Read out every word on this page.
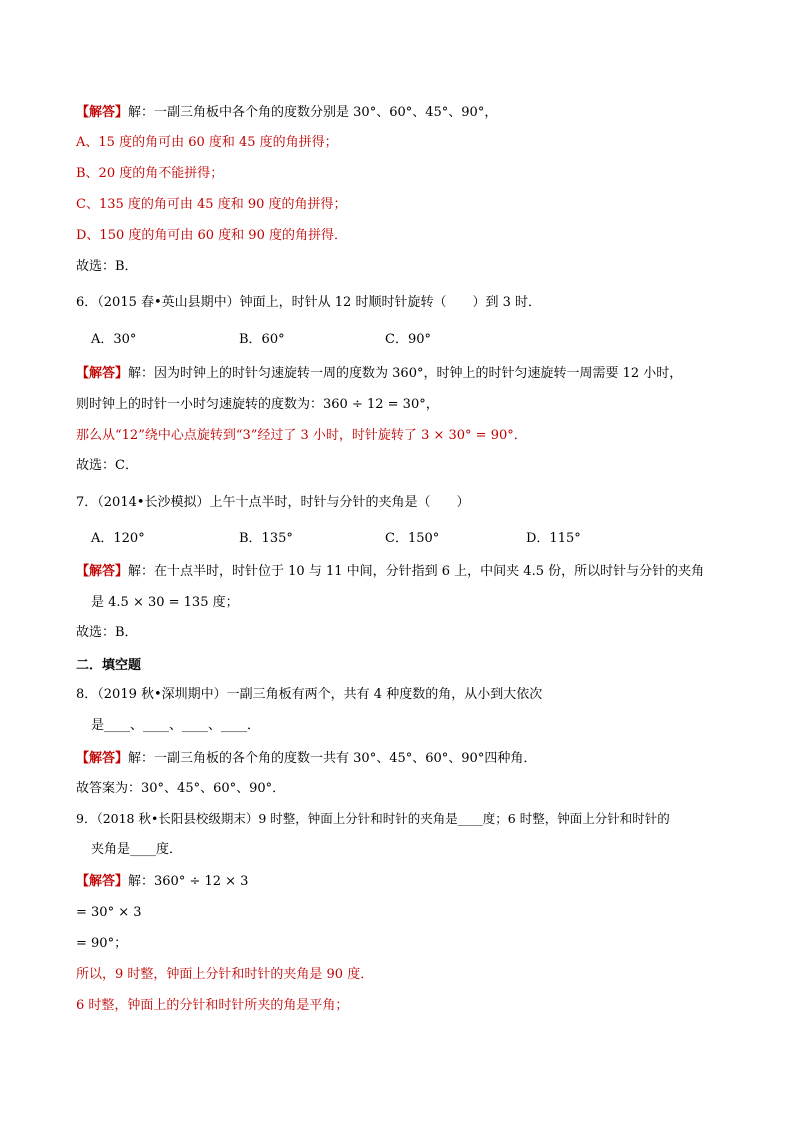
【解答】解：一副三角板中各个角的度数分别是 30°、60°、45°、90°，
A、15 度的角可由 60 度和 45 度的角拼得；
B、20 度的角不能拼得；
C、135 度的角可由 45 度和 90 度的角拼得；
D、150 度的角可由 60 度和 90 度的角拼得．
故选：B．
6．（2015 春•英山县期中）钟面上，时针从 12 时顺时针旋转（　　）到 3 时．
A．30°	B．60°	C．90°
【解答】解：因为时钟上的时针匀速旋转一周的度数为 360°，时钟上的时针匀速旋转一周需要 12 小时，
则时钟上的时针一小时匀速旋转的度数为：360 ÷ 12 = 30°，
那么从“12”绕中心点旋转到“3”经过了 3 小时，时针旋转了 3 × 30° = 90°．
故选：C．
7．（2014•长沙模拟）上午十点半时，时针与分针的夹角是（　　）
A．120°	B．135°	C．150°	D．115°
【解答】解：在十点半时，时针位于 10 与 11 中间，分针指到 6 上，中间夹 4.5 份，所以时针与分针的夹角
是 4.5 × 30 = 135 度；
故选：B．
二．填空题
8．（2019 秋•深圳期中）一副三角板有两个，共有 4 种度数的角，从小到大依次
是____、____、____、____．
【解答】解：一副三角板的各个角的度数一共有 30°、45°、60°、90°四种角．
故答案为：30°、45°、60°、90°．
9．（2018 秋•长阳县校级期末）9 时整，钟面上分针和时针的夹角是____度；6 时整，钟面上分针和时针的
夹角是____度．
【解答】解：360° ÷ 12 × 3
= 30° × 3
= 90°；
所以，9 时整，钟面上分针和时针的夹角是 90 度．
6 时整，钟面上的分针和时针所夹的角是平角；
